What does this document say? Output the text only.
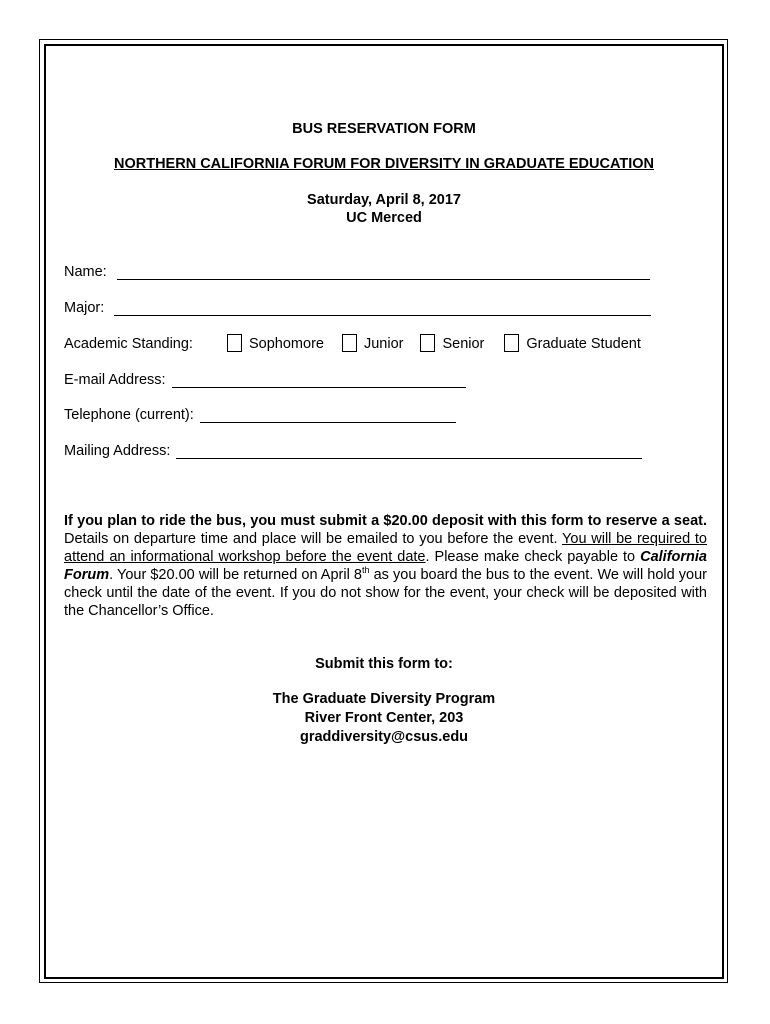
BUS RESERVATION FORM
NORTHERN CALIFORNIA FORUM FOR DIVERSITY IN GRADUATE EDUCATION
Saturday, April 8, 2017
UC Merced
Name:
Major:
Academic Standing:	Sophomore	Junior	Senior	Graduate Student
E-mail Address:
Telephone (current):
Mailing Address:
If you plan to ride the bus, you must submit a $20.00 deposit with this form to reserve a seat. Details on departure time and place will be emailed to you before the event. You will be required to attend an informational workshop before the event date. Please make check payable to California Forum. Your $20.00 will be returned on April 8th as you board the bus to the event. We will hold your check until the date of the event. If you do not show for the event, your check will be deposited with the Chancellor’s Office.
Submit this form to:
The Graduate Diversity Program
River Front Center, 203
graddiversity@csus.edu
